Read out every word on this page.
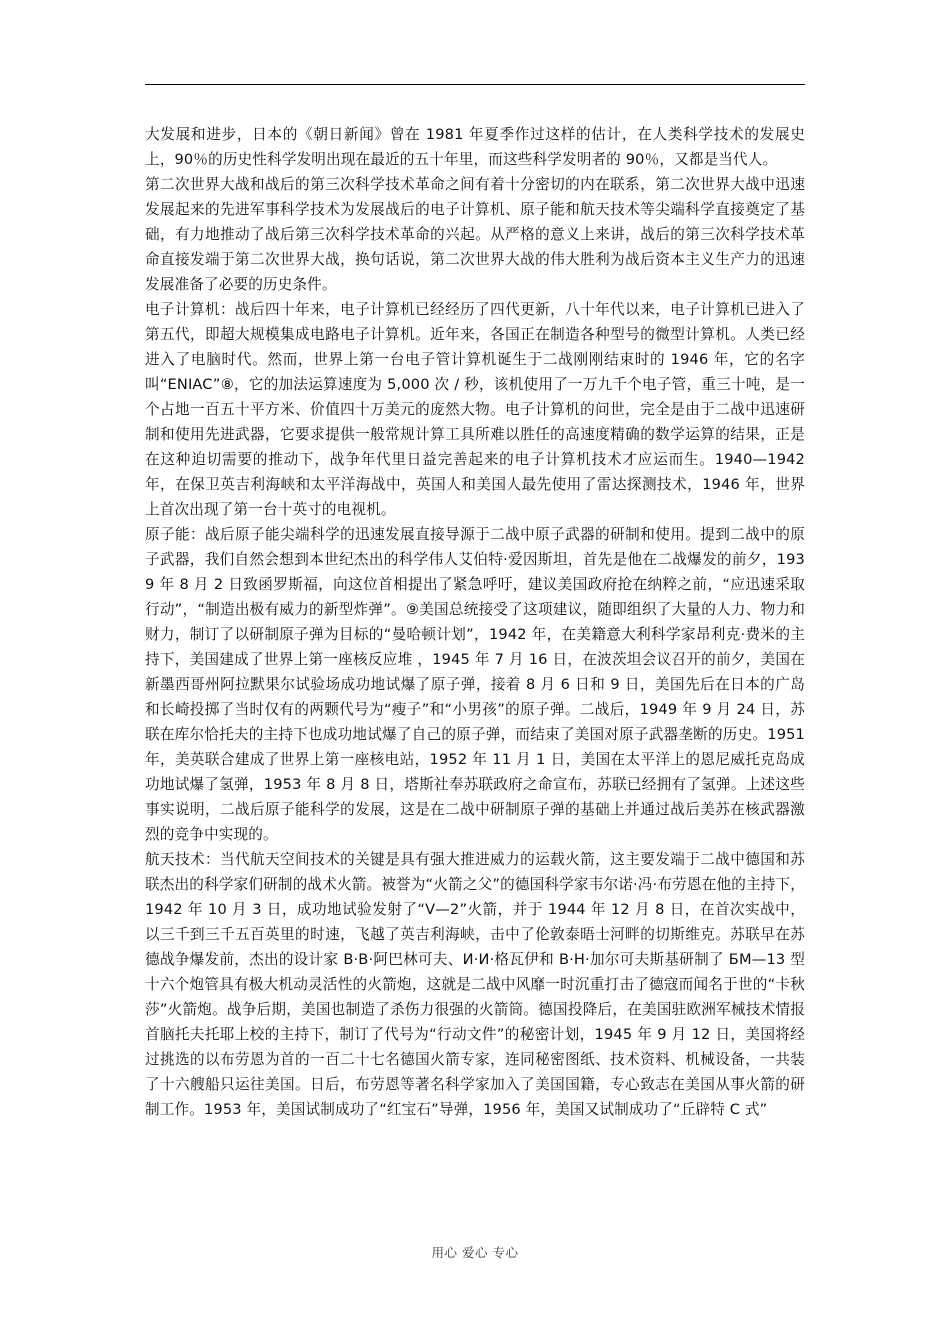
大发展和进步，日本的《朝日新闻》曾在 1981 年夏季作过这样的估计，在人类科学技术的发展史上，90％的历史性科学发明出现在最近的五十年里，而这些科学发明者的 90％，又都是当代人。

第二次世界大战和战后的第三次科学技术革命之间有着十分密切的内在联系，第二次世界大战中迅速发展起来的先进军事科学技术为发展战后的电子计算机、原子能和航天技术等尖端科学直接奠定了基础，有力地推动了战后第三次科学技术革命的兴起。从严格的意义上来讲，战后的第三次科学技术革命直接发端于第二次世界大战，换句话说，第二次世界大战的伟大胜利为战后资本主义生产力的迅速发展准备了必要的历史条件。

电子计算机：战后四十年来，电子计算机已经经历了四代更新，八十年代以来，电子计算机已进入了第五代，即超大规模集成电路电子计算机。近年来，各国正在制造各种型号的微型计算机。人类已经进入了电脑时代。然而，世界上第一台电子管计算机诞生于二战刚刚结束时的 1946 年，它的名字叫“ENIAC”⑧，它的加法运算速度为 5,000 次 / 秒，该机使用了一万九千个电子管，重三十吨，是一个占地一百五十平方米、价值四十万美元的庞然大物。电子计算机的问世，完全是由于二战中迅速研制和使用先进武器，它要求提供一般常规计算工具所难以胜任的高速度精确的数学运算的结果，正是在这种迫切需要的推动下，战争年代里日益完善起来的电子计算机技术才应运而生。1940—1942 年，在保卫英吉利海峡和太平洋海战中，英国人和美国人最先使用了雷达探测技术，1946 年，世界上首次出现了第一台十英寸的电视机。

原子能：战后原子能尖端科学的迅速发展直接导源于二战中原子武器的研制和使用。提到二战中的原子武器，我们自然会想到本世纪杰出的科学伟人艾伯特·爱因斯坦，首先是他在二战爆发的前夕，1939 年 8 月 2 日致函罗斯福，向这位首相提出了紧急呼吁，建议美国政府抢在纳粹之前，“应迅速采取行动”，“制造出极有威力的新型炸弹”。⑨美国总统接受了这项建议，随即组织了大量的人力、物力和财力，制订了以研制原子弹为目标的“曼哈顿计划”，1942 年，在美籍意大利科学家昂利克·费米的主持下，美国建成了世界上第一座核反应堆 ，1945 年 7 月 16 日，在波茨坦会议召开的前夕，美国在新墨西哥州阿拉默果尔试验场成功地试爆了原子弹，接着 8 月 6 日和 9 日，美国先后在日本的广岛和长崎投掷了当时仅有的两颗代号为“瘦子”和“小男孩”的原子弹。二战后，1949 年 9 月 24 日，苏联在库尔恰托夫的主持下也成功地试爆了自己的原子弹，而结束了美国对原子武器垄断的历史。1951 年，美英联合建成了世界上第一座核电站，1952 年 11 月 1 日，美国在太平洋上的恩尼威托克岛成功地试爆了氢弹，1953 年 8 月 8 日，塔斯社奉苏联政府之命宣布，苏联已经拥有了氢弹。上述这些事实说明，二战后原子能科学的发展，这是在二战中研制原子弹的基础上并通过战后美苏在核武器激烈的竞争中实现的。

航天技术：当代航天空间技术的关键是具有强大推进威力的运载火箭，这主要发端于二战中德国和苏联杰出的科学家们研制的战术火箭。被誉为“火箭之父”的德国科学家韦尔诺·冯·布劳恩在他的主持下，1942 年 10 月 3 日，成功地试验发射了“V—2”火箭，并于 1944 年 12 月 8 日，在首次实战中，以三千到三千五百英里的时速，飞越了英吉利海峡，击中了伦敦泰晤士河畔的切斯维克。苏联早在苏德战争爆发前，杰出的设计家 B·B·阿巴林可夫、И·И·格瓦伊和 B·H·加尔可夫斯基研制了 БM—13 型十六个炮管具有极大机动灵活性的火箭炮，这就是二战中风靡一时沉重打击了德寇而闻名于世的“卡秋莎”火箭炮。战争后期，美国也制造了杀伤力很强的火箭筒。德国投降后，在美国驻欧洲军械技术情报首脑托夫托耶上校的主持下，制订了代号为“行动文件”的秘密计划，1945 年 9 月 12 日，美国将经过挑选的以布劳恩为首的一百二十七名德国火箭专家，连同秘密图纸、技术资料、机械设备，一共装了十六艘船只运往美国。日后，布劳恩等著名科学家加入了美国国籍，专心致志在美国从事火箭的研制工作。1953 年，美国试制成功了“红宝石”导弹，1956 年，美国又试制成功了“丘辟特 C 式”

用心 爱心 专心
